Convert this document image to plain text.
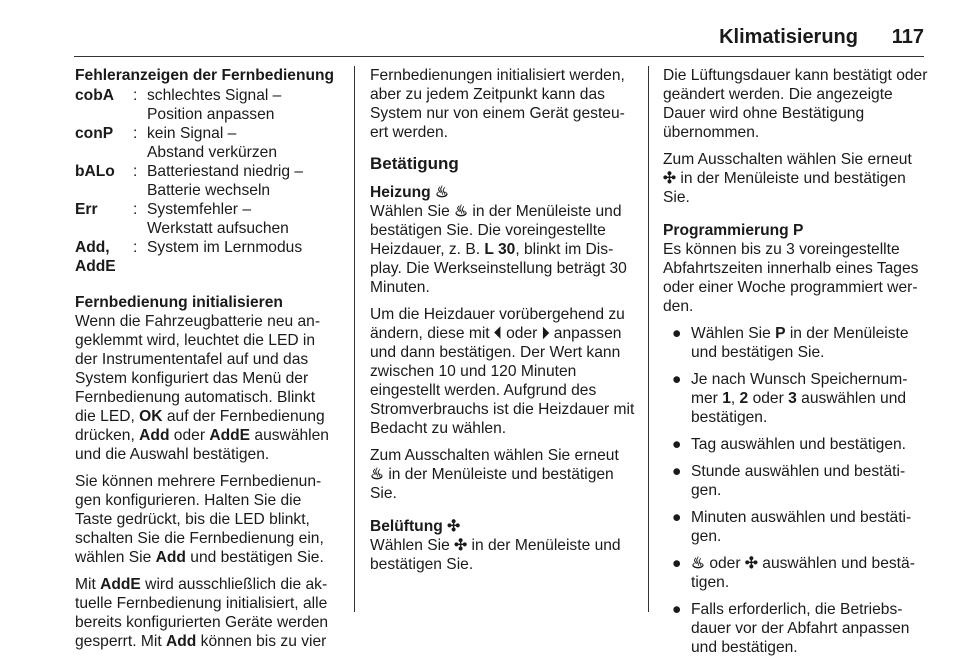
Klimatisierung 117
Fehleranzeigen der Fernbedienung
cobA	:	schlechtes Signal –
Position anpassen
conP	:	kein Signal –
Abstand verkürzen
bALo	:	Batteriestand niedrig –
Batterie wechseln
Err	:	Systemfehler –
Werkstatt aufsuchen
Add,
AddE	:	System im Lernmodus
Fernbedienung initialisieren

Wenn die Fahrzeugbatterie neu angeklemmt wird, leuchtet die LED in der Instrumententafel auf und das System konfiguriert das Menü der Fernbedienung automatisch. Blinkt die LED, OK auf der Fernbedienung drücken, Add oder AddE auswählen und die Auswahl bestätigen.

Sie können mehrere Fernbedienungen konfigurieren. Halten Sie die Taste gedrückt, bis die LED blinkt, schalten Sie die Fernbedienung ein, wählen Sie Add und bestätigen Sie.

Mit AddE wird ausschließlich die aktuelle Fernbedienung initialisiert, alle bereits konfigurierten Geräte werden gesperrt. Mit Add können bis zu vier

Fernbedienungen initialisiert werden, aber zu jedem Zeitpunkt kann das System nur von einem Gerät gesteuert werden.

Betätigung
Heizung ♨

Wählen Sie ♨ in der Menüleiste und bestätigen Sie. Die voreingestellte Heizdauer, z. B. L 30, blinkt im Display. Die Werkseinstellung beträgt 30 Minuten.

Um die Heizdauer vorübergehend zu ändern, diese mit ⏴ oder ⏵ anpassen und dann bestätigen. Der Wert kann zwischen 10 und 120 Minuten eingestellt werden. Aufgrund des Stromverbrauchs ist die Heizdauer mit Bedacht zu wählen.

Zum Ausschalten wählen Sie erneut ♨ in der Menüleiste und bestätigen Sie.

Belüftung ✣

Wählen Sie ✣ in der Menüleiste und bestätigen Sie.

Die Lüftungsdauer kann bestätigt oder geändert werden. Die angezeigte Dauer wird ohne Bestätigung übernommen.

Zum Ausschalten wählen Sie erneut ✣ in der Menüleiste und bestätigen Sie.

Programmierung P

Es können bis zu 3 voreingestellte Abfahrtszeiten innerhalb eines Tages oder einer Woche programmiert werden.

● Wählen Sie P in der Menüleiste und bestätigen Sie.
● Je nach Wunsch Speichernummer 1, 2 oder 3 auswählen und bestätigen.
● Tag auswählen und bestätigen.
● Stunde auswählen und bestätigen.
● Minuten auswählen und bestätigen.
● ♨ oder ✣ auswählen und bestätigen.
● Falls erforderlich, die Betriebsdauer vor der Abfahrt anpassen und bestätigen.
